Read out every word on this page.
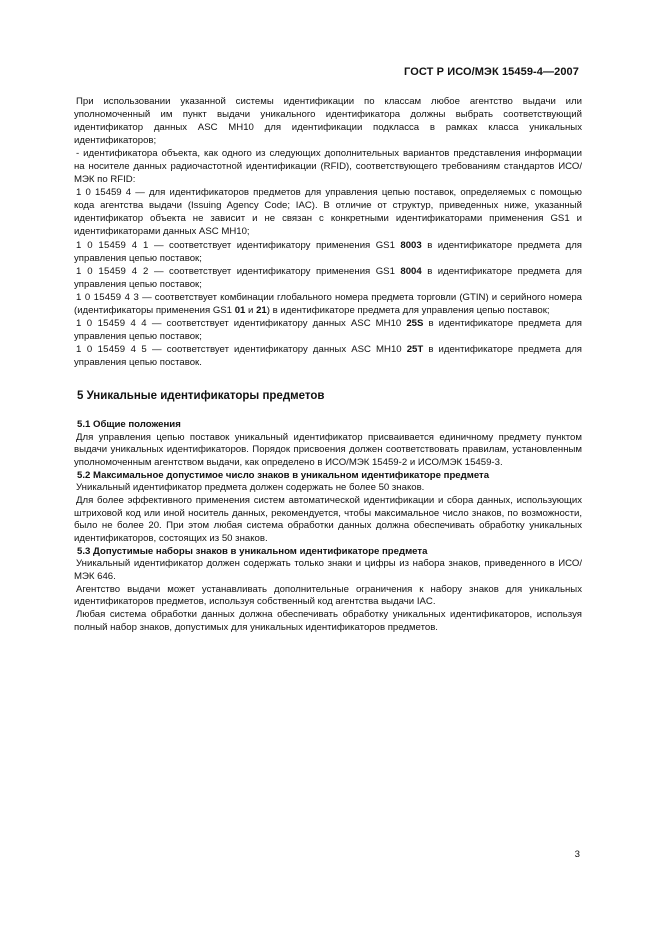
ГОСТ Р ИСО/МЭК 15459-4—2007

При использовании указанной системы идентификации по классам любое агентство выдачи или уполномоченный им пункт выдачи уникального идентификатора должны выбрать соответствующий идентификатор данных ASC MH10 для идентификации подкласса в рамках класса уникальных идентификаторов;

- идентификатора объекта, как одного из следующих дополнительных вариантов представления информации на носителе данных радиочастотной идентификации (RFID), соответствующего требованиям стандартов ИСО/МЭК по RFID:

1 0 15459 4 — для идентификаторов предметов для управления цепью поставок, определяемых с помощью кода агентства выдачи (Issuing Agency Code; IAC). В отличие от структур, приведенных ниже, указанный идентификатор объекта не зависит и не связан с конкретными идентификаторами применения GS1 и идентификаторами данных ASC MH10;

1 0 15459 4 1 — соответствует идентификатору применения GS1 8003 в идентификаторе предмета для управления цепью поставок;

1 0 15459 4 2 — соответствует идентификатору применения GS1 8004 в идентификаторе предмета для управления цепью поставок;

1 0 15459 4 3 — соответствует комбинации глобального номера предмета торговли (GTIN) и серийного номера (идентификаторы применения GS1 01 и 21) в идентификаторе предмета для управления цепью поставок;

1 0 15459 4 4 — соответствует идентификатору данных ASC MH10 25S в идентификаторе предмета для управления цепью поставок;

1 0 15459 4 5 — соответствует идентификатору данных ASC MH10 25T в идентификаторе предмета для управления цепью поставок.

5 Уникальные идентификаторы предметов

5.1 Общие положения

Для управления цепью поставок уникальный идентификатор присваивается единичному предмету пунктом выдачи уникальных идентификаторов. Порядок присвоения должен соответствовать правилам, установленным уполномоченным агентством выдачи, как определено в ИСО/МЭК 15459-2 и ИСО/МЭК 15459-3.

5.2 Максимальное допустимое число знаков в уникальном идентификаторе предмета

Уникальный идентификатор предмета должен содержать не более 50 знаков.

Для более эффективного применения систем автоматической идентификации и сбора данных, использующих штриховой код или иной носитель данных, рекомендуется, чтобы максимальное число знаков, по возможности, было не более 20. При этом любая система обработки данных должна обеспечивать обработку уникальных идентификаторов, состоящих из 50 знаков.

5.3 Допустимые наборы знаков в уникальном идентификаторе предмета

Уникальный идентификатор должен содержать только знаки и цифры из набора знаков, приведенного в ИСО/МЭК 646.

Агентство выдачи может устанавливать дополнительные ограничения к набору знаков для уникальных идентификаторов предметов, используя собственный код агентства выдачи IAC.

Любая система обработки данных должна обеспечивать обработку уникальных идентификаторов, используя полный набор знаков, допустимых для уникальных идентификаторов предметов.

3
